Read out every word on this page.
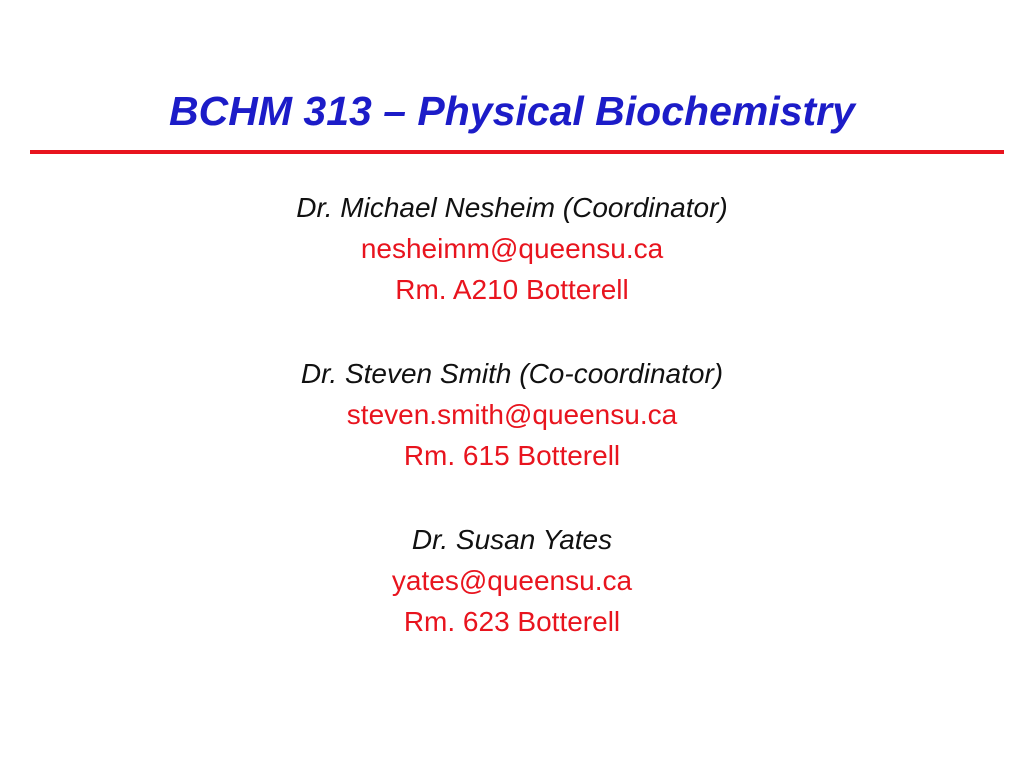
BCHM 313 – Physical Biochemistry
Dr. Michael Nesheim (Coordinator)
nesheimm@queensu.ca
Rm. A210 Botterell
Dr. Steven Smith (Co-coordinator)
steven.smith@queensu.ca
Rm. 615 Botterell
Dr. Susan Yates
yates@queensu.ca
Rm. 623 Botterell
